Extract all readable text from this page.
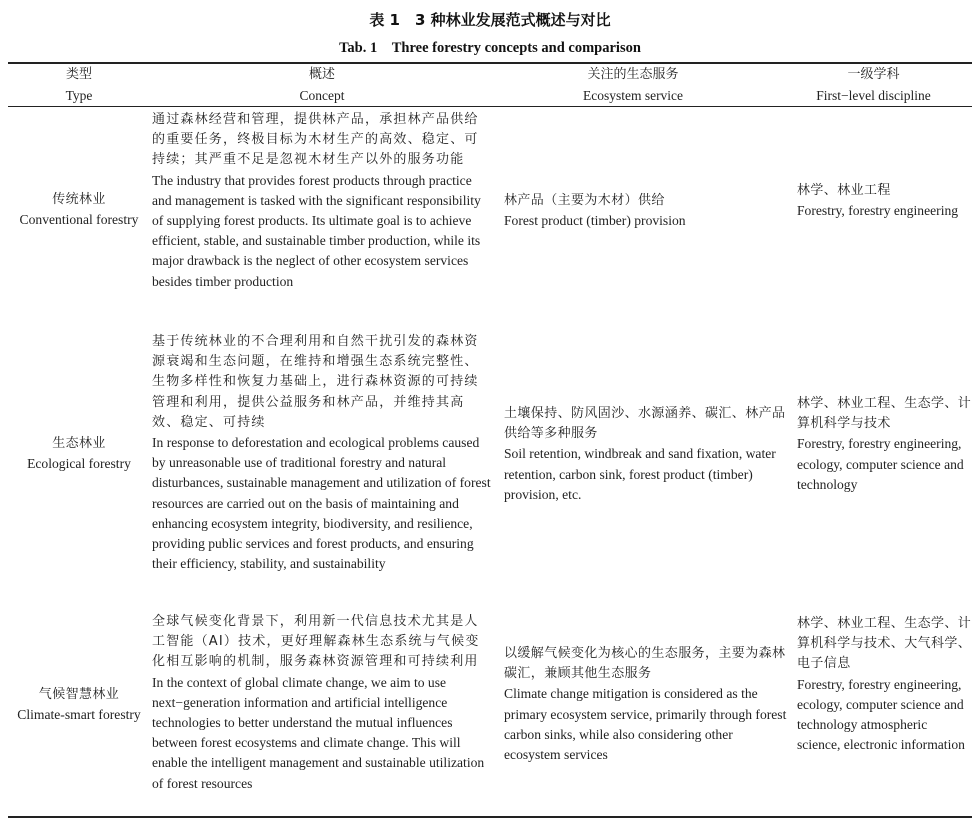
表 1　3 种林业发展范式概述与对比
Tab. 1　Three forestry concepts and comparison
类型
Type
概述
Concept
关注的生态服务
Ecosystem service
一级学科
First−level discipline
传统林业
Conventional forestry
通过森林经营和管理，提供林产品，承担林产品供给的重要任务，终极目标为木材生产的高效、稳定、可持续；其严重不足是忽视木材生产以外的服务功能
The industry that provides forest products through practice and management is tasked with the significant responsibility of supplying forest products. Its ultimate goal is to achieve efficient, stable, and sustainable timber production, while its major drawback is the neglect of other ecosystem services besides timber production
林产品（主要为木材）供给
Forest product (timber) provision
林学、林业工程
Forestry, forestry engineering
生态林业
Ecological forestry
基于传统林业的不合理利用和自然干扰引发的森林资源衰竭和生态问题，在维持和增强生态系统完整性、生物多样性和恢复力基础上，进行森林资源的可持续管理和利用，提供公益服务和林产品，并维持其高效、稳定、可持续
In response to deforestation and ecological problems caused by unreasonable use of traditional forestry and natural disturbances, sustainable management and utilization of forest resources are carried out on the basis of maintaining and enhancing ecosystem integrity, biodiversity, and resilience, providing public services and forest products, and ensuring their efficiency, stability, and sustainability
土壤保持、防风固沙、水源涵养、碳汇、林产品供给等多种服务
Soil retention, windbreak and sand fixation, water retention, carbon sink, forest product (timber) provision, etc.
林学、林业工程、生态学、计算机科学与技术
Forestry, forestry engineering, ecology, computer science and technology
气候智慧林业
Climate-smart forestry
全球气候变化背景下，利用新一代信息技术尤其是人工智能（AI）技术，更好理解森林生态系统与气候变化相互影响的机制，服务森林资源管理和可持续利用
In the context of global climate change, we aim to use next−generation information and artificial intelligence technologies to better understand the mutual influences between forest ecosystems and climate change. This will enable the intelligent management and sustainable utilization of forest resources
以缓解气候变化为核心的生态服务，主要为森林碳汇，兼顾其他生态服务
Climate change mitigation is considered as the primary ecosystem service, primarily through forest carbon sinks, while also considering other ecosystem services
林学、林业工程、生态学、计算机科学与技术、大气科学、电子信息
Forestry, forestry engineering, ecology, computer science and technology atmospheric science, electronic information
